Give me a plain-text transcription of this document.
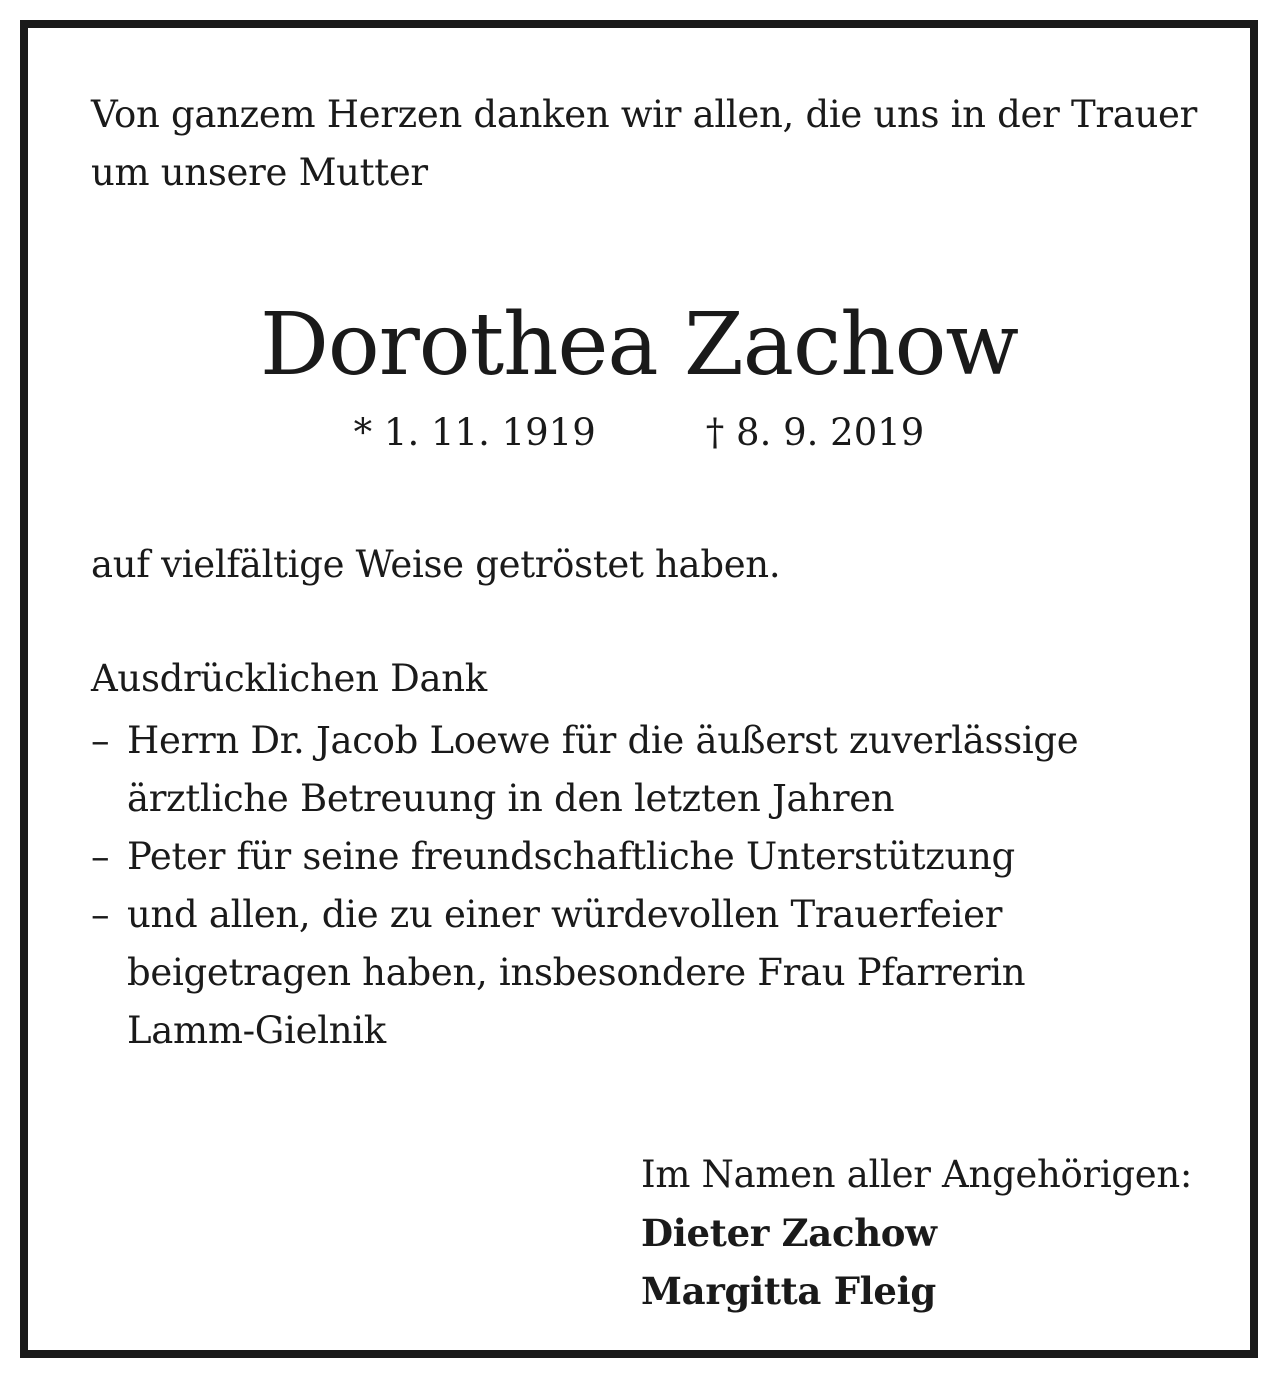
Von ganzem Herzen danken wir allen, die uns in der Trauer
um unsere Mutter
Dorothea Zachow
* 1. 11. 1919	† 8. 9. 2019
auf vielfältige Weise getröstet haben.
Ausdrücklichen Dank
– Herrn Dr. Jacob Loewe für die äußerst zuverlässige
ärztliche Betreuung in den letzten Jahren
– Peter für seine freundschaftliche Unterstützung
– und allen, die zu einer würdevollen Trauerfeier
beigetragen haben, insbesondere Frau Pfarrerin
Lamm-Gielnik
Im Namen aller Angehörigen:
Dieter Zachow
Margitta Fleig
